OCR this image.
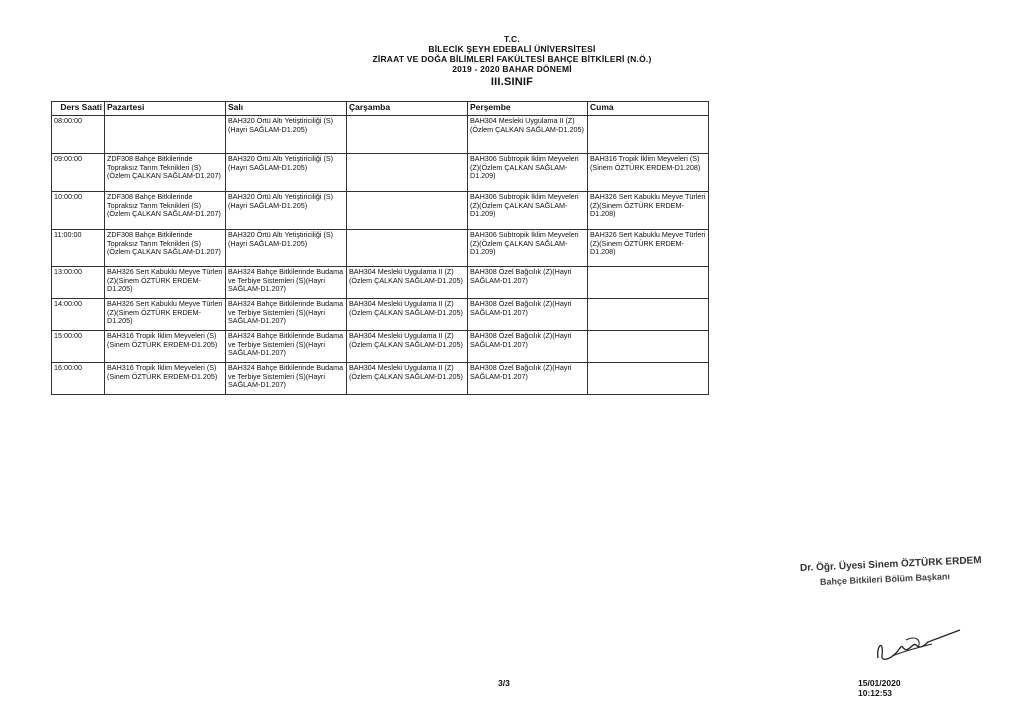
T.C.
BİLECİK ŞEYH EDEBALİ ÜNİVERSİTESİ
ZİRAAT VE DOĞA BİLİMLERİ FAKÜLTESİ BAHÇE BİTKİLERİ (N.Ö.)
2019 - 2020 BAHAR DÖNEMİ
III.SINIF
Ders Saati	Pazartesi	Salı	Çarşamba	Perşembe	Cuma
08:00:00		BAH320 Örtü Altı Yetiştiriciliği (S)(Hayri SAĞLAM-D1.205)		BAH304 Mesleki Uygulama II (Z)(Özlem ÇALKAN SAĞLAM-D1.205)	
09:00:00	ZDF308 Bahçe Bitkilerinde Topraksız Tarım Teknikleri (S)(Özlem ÇALKAN SAĞLAM-D1.207)	BAH320 Örtü Altı Yetiştiriciliği (S)(Hayri SAĞLAM-D1.205)		BAH306 Subtropik İklim Meyveleri (Z)(Özlem ÇALKAN SAĞLAM-D1.209)	BAH316 Tropik İklim Meyveleri (S)(Sinem ÖZTÜRK ERDEM-D1.208)
10:00:00	ZDF308 Bahçe Bitkilerinde Topraksız Tarım Teknikleri (S)(Özlem ÇALKAN SAĞLAM-D1.207)	BAH320 Örtü Altı Yetiştiriciliği (S)(Hayri SAĞLAM-D1.205)		BAH306 Subtropik İklim Meyveleri (Z)(Özlem ÇALKAN SAĞLAM-D1.209)	BAH326 Sert Kabuklu Meyve Türleri (Z)(Sinem ÖZTÜRK ERDEM-D1.208)
11:00:00	ZDF308 Bahçe Bitkilerinde Topraksız Tarım Teknikleri (S)(Özlem ÇALKAN SAĞLAM-D1.207)	BAH320 Örtü Altı Yetiştiriciliği (S)(Hayri SAĞLAM-D1.205)		BAH306 Subtropik İklim Meyveleri (Z)(Özlem ÇALKAN SAĞLAM-D1.209)	BAH326 Sert Kabuklu Meyve Türleri (Z)(Sinem ÖZTÜRK ERDEM-D1.208)
13:00:00	BAH326 Sert Kabuklu Meyve Türleri (Z)(Sinem ÖZTÜRK ERDEM-D1.205)	BAH324 Bahçe Bitkilerinde Budama ve Terbiye Sistemleri (S)(Hayri SAĞLAM-D1.207)	BAH304 Mesleki Uygulama II (Z)(Özlem ÇALKAN SAĞLAM-D1.205)	BAH308 Özel Bağcılık (Z)(Hayri SAĞLAM-D1.207)	
14:00:00	BAH326 Sert Kabuklu Meyve Türleri (Z)(Sinem ÖZTÜRK ERDEM-D1.205)	BAH324 Bahçe Bitkilerinde Budama ve Terbiye Sistemleri (S)(Hayri SAĞLAM-D1.207)	BAH304 Mesleki Uygulama II (Z)(Özlem ÇALKAN SAĞLAM-D1.205)	BAH308 Özel Bağcılık (Z)(Hayri SAĞLAM-D1.207)	
15:00:00	BAH316 Tropik İklim Meyveleri (S)(Sinem ÖZTÜRK ERDEM-D1.205)	BAH324 Bahçe Bitkilerinde Budama ve Terbiye Sistemleri (S)(Hayri SAĞLAM-D1.207)	BAH304 Mesleki Uygulama II (Z)(Özlem ÇALKAN SAĞLAM-D1.205)	BAH308 Özel Bağcılık (Z)(Hayri SAĞLAM-D1.207)	
16:00:00	BAH316 Tropik İklim Meyveleri (S)(Sinem ÖZTÜRK ERDEM-D1.205)	BAH324 Bahçe Bitkilerinde Budama ve Terbiye Sistemleri (S)(Hayri SAĞLAM-D1.207)	BAH304 Mesleki Uygulama II (Z)(Özlem ÇALKAN SAĞLAM-D1.205)	BAH308 Özel Bağcılık (Z)(Hayri SAĞLAM-D1.207)	
Dr. Öğr. Üyesi Sinem ÖZTÜRK ERDEM
Bahçe Bitkileri Bölüm Başkanı
3/3	15/01/2020
10:12:53
